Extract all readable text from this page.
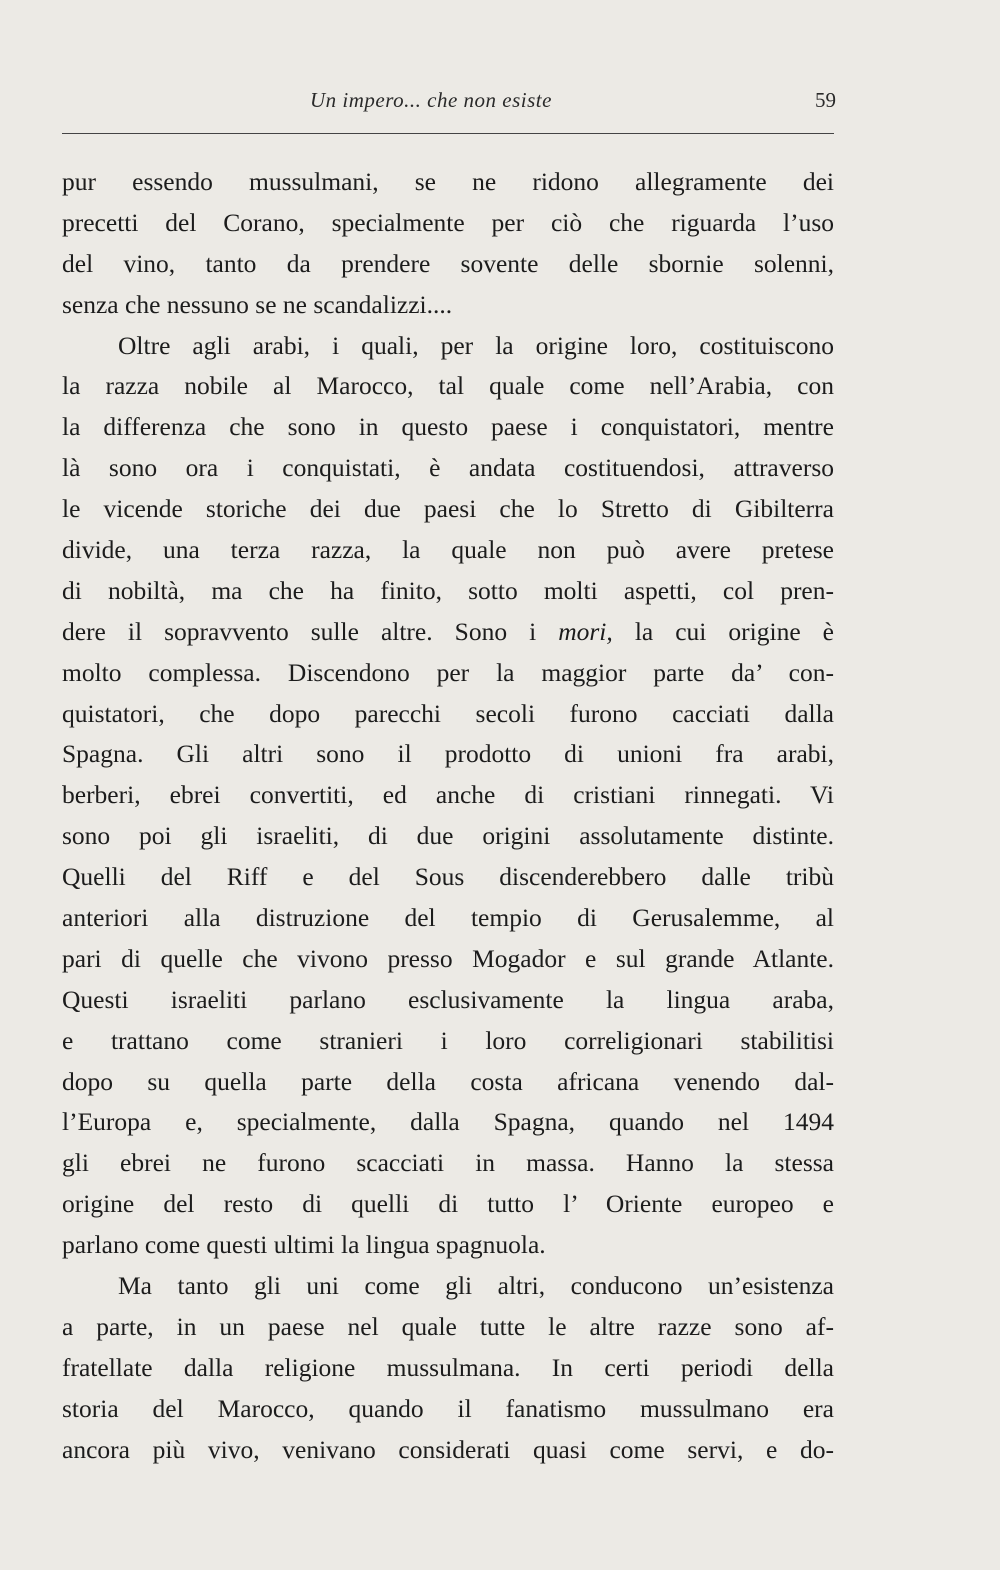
Un impero... che non esiste	59
pur essendo mussulmani, se ne ridono allegramente dei
precetti del Corano, specialmente per ciò che riguarda l’uso
del vino, tanto da prendere sovente delle sbornie solenni,
senza che nessuno se ne scandalizzi....
Oltre agli arabi, i quali, per la origine loro, costituiscono
la razza nobile al Marocco, tal quale come nell’Arabia, con
la differenza che sono in questo paese i conquistatori, mentre
là sono ora i conquistati, è andata costituendosi, attraverso
le vicende storiche dei due paesi che lo Stretto di Gibilterra
divide, una terza razza, la quale non può avere pretese
di nobiltà, ma che ha finito, sotto molti aspetti, col pren-
dere il sopravvento sulle altre. Sono i mori, la cui origine è
molto complessa. Discendono per la maggior parte da’ con-
quistatori, che dopo parecchi secoli furono cacciati dalla
Spagna. Gli altri sono il prodotto di unioni fra arabi,
berberi, ebrei convertiti, ed anche di cristiani rinnegati. Vi
sono poi gli israeliti, di due origini assolutamente distinte.
Quelli del Riff e del Sous discenderebbero dalle tribù
anteriori alla distruzione del tempio di Gerusalemme, al
pari di quelle che vivono presso Mogador e sul grande Atlante.
Questi israeliti parlano esclusivamente la lingua araba,
e trattano come stranieri i loro correligionari stabilitisi
dopo su quella parte della costa africana venendo dal-
l’Europa e, specialmente, dalla Spagna, quando nel 1494
gli ebrei ne furono scacciati in massa. Hanno la stessa
origine del resto di quelli di tutto l’ Oriente europeo e
parlano come questi ultimi la lingua spagnuola.
Ma tanto gli uni come gli altri, conducono un’esistenza
a parte, in un paese nel quale tutte le altre razze sono af-
fratellate dalla religione mussulmana. In certi periodi della
storia del Marocco, quando il fanatismo mussulmano era
ancora più vivo, venivano considerati quasi come servi, e do-
